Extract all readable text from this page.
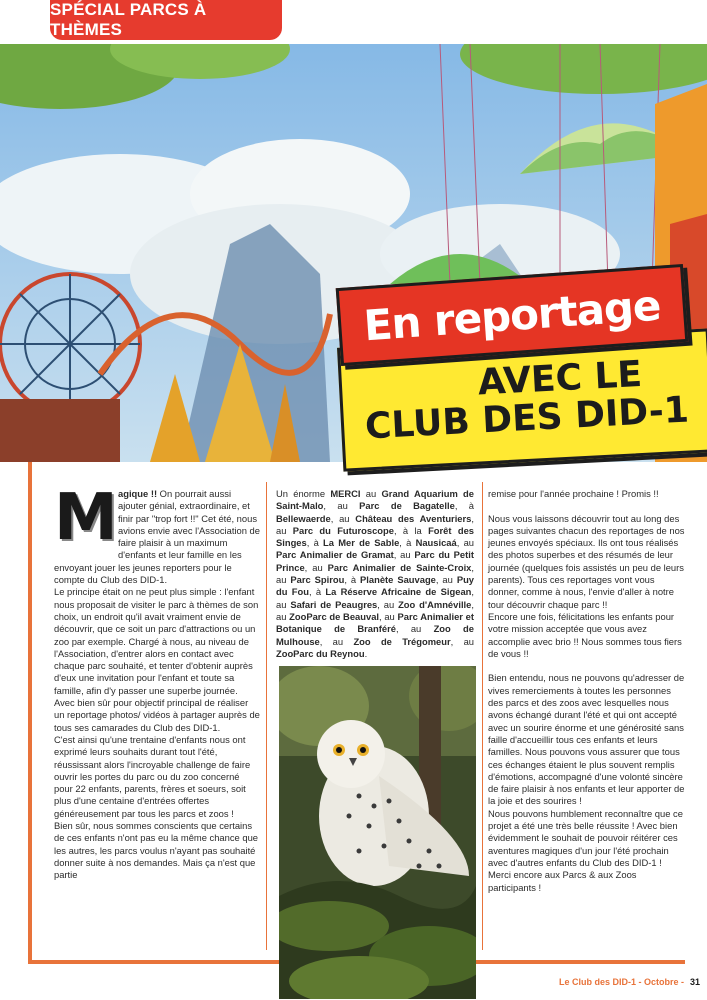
SPÉCIAL PARCS À THÈMES
AVEC LE
CLUB DES DID-1
En reportage

M agique !! On pourrait aussi ajouter génial, extraordinaire, et finir par "trop fort !!" Cet été, nous avions envie avec l'Association de faire plaisir à un maximum d'enfants et leur famille en les envoyant jouer les jeunes reporters pour le compte du Club des DID-1.

Le principe était on ne peut plus simple : l'enfant nous proposait de visiter le parc à thèmes de son choix, un endroit qu'il avait vraiment envie de découvrir, que ce soit un parc d'attractions ou un zoo par exemple. Chargé à nous, au niveau de l'Association, d'entrer alors en contact avec chaque parc souhaité, et tenter d'obtenir auprès d'eux une invitation pour l'enfant et toute sa famille, afin d'y passer une superbe journée. Avec bien sûr pour objectif principal de réaliser un reportage photos/ vidéos à partager auprès de tous ses camarades du Club des DID-1.

C'est ainsi qu'une trentaine d'enfants nous ont exprimé leurs souhaits durant tout l'été, réussissant alors l'incroyable challenge de faire ouvrir les portes du parc ou du zoo concerné pour 22 enfants, parents, frères et soeurs, soit plus d'une centaine d'entrées offertes généreusement par tous les parcs et zoos !

Bien sûr, nous sommes conscients que certains de ces enfants n'ont pas eu la même chance que les autres, les parcs voulus n'ayant pas souhaité donner suite à nos demandes. Mais ça n'est que partie

Un énorme MERCI au Grand Aquarium de Saint-Malo, au Parc de Bagatelle, à Bellewaerde, au Château des Aventuriers, au Parc du Futuroscope, à la Forêt des Singes, à La Mer de Sable, à Nausicaá, au Parc Animalier de Gramat, au Parc du Petit Prince, au Parc Animalier de Sainte-Croix, au Parc Spirou, à Planète Sauvage, au Puy du Fou, à La Réserve Africaine de Sigean, au Safari de Peaugres, au Zoo d'Amnéville, au ZooParc de Beauval, au Parc Animalier et Botanique de Branféré, au Zoo de Mulhouse, au Zoo de Trégomeur, au ZooParc du Reynou.

remise pour l'année prochaine ! Promis !!

Nous vous laissons découvrir tout au long des pages suivantes chacun des reportages de nos jeunes envoyés spéciaux. Ils ont tous réalisés des photos superbes et des résumés de leur journée (quelques fois assistés un peu de leurs parents). Tous ces reportages vont vous donner, comme à nous, l'envie d'aller à notre tour découvrir chaque parc !!

Encore une fois, félicitations les enfants pour votre mission acceptée que vous avez accomplie avec brio !! Nous sommes tous fiers de vous !!

Bien entendu, nous ne pouvons qu'adresser de vives remerciements à toutes les personnes des parcs et des zoos avec lesquelles nous avons échangé durant l'été et qui ont accepté avec un sourire énorme et une générosité sans faille d'accueillir tous ces enfants et leurs familles. Nous pouvons vous assurer que tous ces échanges étaient le plus souvent remplis d'émotions, accompagné d'une volonté sincère de faire plaisir à nos enfants et leur apporter de la joie et des sourires !

Nous pouvons humblement reconnaître que ce projet a été une très belle réussite ! Avec bien évidemment le souhait de pouvoir réitérer ces aventures magiques d'un jour l'été prochain avec d'autres enfants du Club des DID-1 !

Merci encore aux Parcs & aux Zoos participants !

Le Club des DID-1 - Octobre - 31
